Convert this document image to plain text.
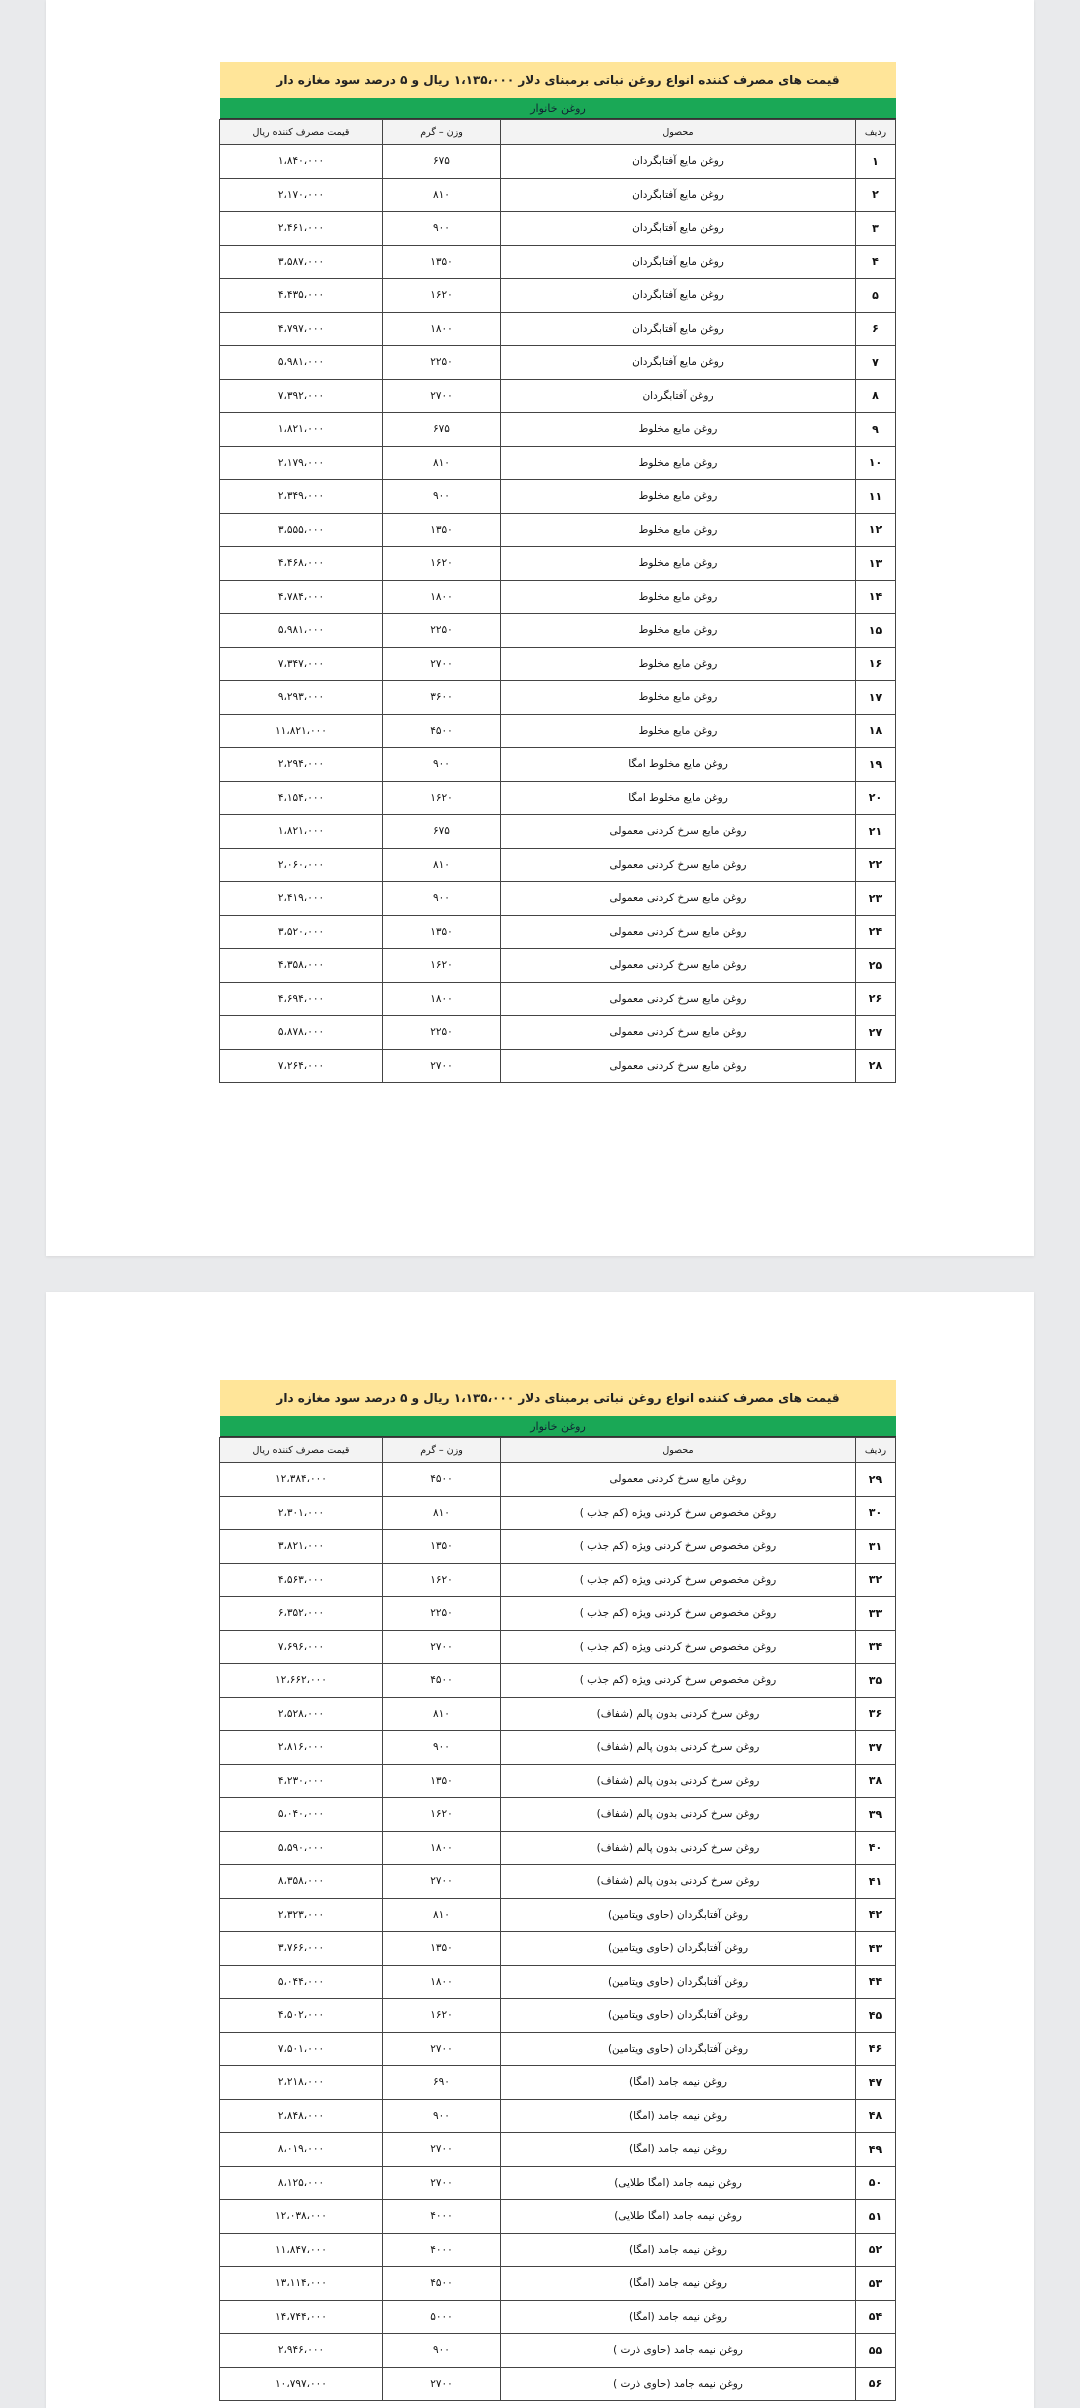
قیمت های مصرف کننده انواع روغن نباتی برمبنای دلار ۱،۱۳۵،۰۰۰ ریال و ۵ درصد سود مغازه دار
روغن خانوار
ردیف	محصول	وزن – گرم	قیمت مصرف کننده ریال
۱	روغن مایع آفتابگردان	۶۷۵	۱،۸۴۰،۰۰۰
۲	روغن مایع آفتابگردان	۸۱۰	۲،۱۷۰،۰۰۰
۳	روغن مایع آفتابگردان	۹۰۰	۲،۴۶۱،۰۰۰
۴	روغن مایع آفتابگردان	۱۳۵۰	۳،۵۸۷،۰۰۰
۵	روغن مایع آفتابگردان	۱۶۲۰	۴،۴۳۵،۰۰۰
۶	روغن مایع آفتابگردان	۱۸۰۰	۴،۷۹۷،۰۰۰
۷	روغن مایع آفتابگردان	۲۲۵۰	۵،۹۸۱،۰۰۰
۸	روغن آفتابگردان	۲۷۰۰	۷،۳۹۲،۰۰۰
۹	روغن مایع مخلوط	۶۷۵	۱،۸۲۱،۰۰۰
۱۰	روغن مایع مخلوط	۸۱۰	۲،۱۷۹،۰۰۰
۱۱	روغن مایع مخلوط	۹۰۰	۲،۳۴۹،۰۰۰
۱۲	روغن مایع مخلوط	۱۳۵۰	۳،۵۵۵،۰۰۰
۱۳	روغن مایع مخلوط	۱۶۲۰	۴،۴۶۸،۰۰۰
۱۴	روغن مایع مخلوط	۱۸۰۰	۴،۷۸۴،۰۰۰
۱۵	روغن مایع مخلوط	۲۲۵۰	۵،۹۸۱،۰۰۰
۱۶	روغن مایع مخلوط	۲۷۰۰	۷،۳۴۷،۰۰۰
۱۷	روغن مایع مخلوط	۳۶۰۰	۹،۲۹۳،۰۰۰
۱۸	روغن مایع مخلوط	۴۵۰۰	۱۱،۸۲۱،۰۰۰
۱۹	روغن مایع مخلوط امگا	۹۰۰	۲،۲۹۴،۰۰۰
۲۰	روغن مایع مخلوط امگا	۱۶۲۰	۴،۱۵۴،۰۰۰
۲۱	روغن مایع سرخ کردنی معمولی	۶۷۵	۱،۸۲۱،۰۰۰
۲۲	روغن مایع سرخ کردنی معمولی	۸۱۰	۲،۰۶۰،۰۰۰
۲۳	روغن مایع سرخ کردنی معمولی	۹۰۰	۲،۴۱۹،۰۰۰
۲۴	روغن مایع سرخ کردنی معمولی	۱۳۵۰	۳،۵۲۰،۰۰۰
۲۵	روغن مایع سرخ کردنی معمولی	۱۶۲۰	۴،۳۵۸،۰۰۰
۲۶	روغن مایع سرخ کردنی معمولی	۱۸۰۰	۴،۶۹۴،۰۰۰
۲۷	روغن مایع سرخ کردنی معمولی	۲۲۵۰	۵،۸۷۸،۰۰۰
۲۸	روغن مایع سرخ کردنی معمولی	۲۷۰۰	۷،۲۶۴،۰۰۰
قیمت های مصرف کننده انواع روغن نباتی برمبنای دلار ۱،۱۳۵،۰۰۰ ریال و ۵ درصد سود مغازه دار
روغن خانوار
ردیف	محصول	وزن – گرم	قیمت مصرف کننده ریال
۲۹	روغن مایع سرخ کردنی معمولی	۴۵۰۰	۱۲،۳۸۴،۰۰۰
۳۰	روغن مخصوص سرخ کردنی ویژه (کم جذب )	۸۱۰	۲،۳۰۱،۰۰۰
۳۱	روغن مخصوص سرخ کردنی ویژه (کم جذب )	۱۳۵۰	۳،۸۲۱،۰۰۰
۳۲	روغن مخصوص سرخ کردنی ویژه (کم جذب )	۱۶۲۰	۴،۵۶۳،۰۰۰
۳۳	روغن مخصوص سرخ کردنی ویژه (کم جذب )	۲۲۵۰	۶،۳۵۲،۰۰۰
۳۴	روغن مخصوص سرخ کردنی ویژه (کم جذب )	۲۷۰۰	۷،۶۹۶،۰۰۰
۳۵	روغن مخصوص سرخ کردنی ویژه (کم جذب )	۴۵۰۰	۱۲،۶۶۲،۰۰۰
۳۶	روغن سرخ کردنی بدون پالم (شفاف)	۸۱۰	۲،۵۲۸،۰۰۰
۳۷	روغن سرخ کردنی بدون پالم (شفاف)	۹۰۰	۲،۸۱۶،۰۰۰
۳۸	روغن سرخ کردنی بدون پالم (شفاف)	۱۳۵۰	۴،۲۳۰،۰۰۰
۳۹	روغن سرخ کردنی بدون پالم (شفاف)	۱۶۲۰	۵،۰۴۰،۰۰۰
۴۰	روغن سرخ کردنی بدون پالم (شفاف)	۱۸۰۰	۵،۵۹۰،۰۰۰
۴۱	روغن سرخ کردنی بدون پالم (شفاف)	۲۷۰۰	۸،۳۵۸،۰۰۰
۴۲	روغن آفتابگردان (حاوی ویتامین)	۸۱۰	۲،۳۲۳،۰۰۰
۴۳	روغن آفتابگردان (حاوی ویتامین)	۱۳۵۰	۳،۷۶۶،۰۰۰
۴۴	روغن آفتابگردان (حاوی ویتامین)	۱۸۰۰	۵،۰۴۴،۰۰۰
۴۵	روغن آفتابگردان (حاوی ویتامین)	۱۶۲۰	۴،۵۰۲،۰۰۰
۴۶	روغن آفتابگردان (حاوی ویتامین)	۲۷۰۰	۷،۵۰۱،۰۰۰
۴۷	روغن نیمه جامد (امگا)	۶۹۰	۲،۲۱۸،۰۰۰
۴۸	روغن نیمه جامد (امگا)	۹۰۰	۲،۸۴۸،۰۰۰
۴۹	روغن نیمه جامد (امگا)	۲۷۰۰	۸،۰۱۹،۰۰۰
۵۰	روغن نیمه جامد (امگا طلایی)	۲۷۰۰	۸،۱۲۵،۰۰۰
۵۱	روغن نیمه جامد (امگا طلایی)	۴۰۰۰	۱۲،۰۳۸،۰۰۰
۵۲	روغن نیمه جامد (امگا)	۴۰۰۰	۱۱،۸۴۷،۰۰۰
۵۳	روغن نیمه جامد (امگا)	۴۵۰۰	۱۳،۱۱۴،۰۰۰
۵۴	روغن نیمه جامد (امگا)	۵۰۰۰	۱۴،۷۴۴،۰۰۰
۵۵	روغن نیمه جامد (حاوی ذرت )	۹۰۰	۲،۹۴۶،۰۰۰
۵۶	روغن نیمه جامد (حاوی ذرت )	۲۷۰۰	۱۰،۷۹۷،۰۰۰
